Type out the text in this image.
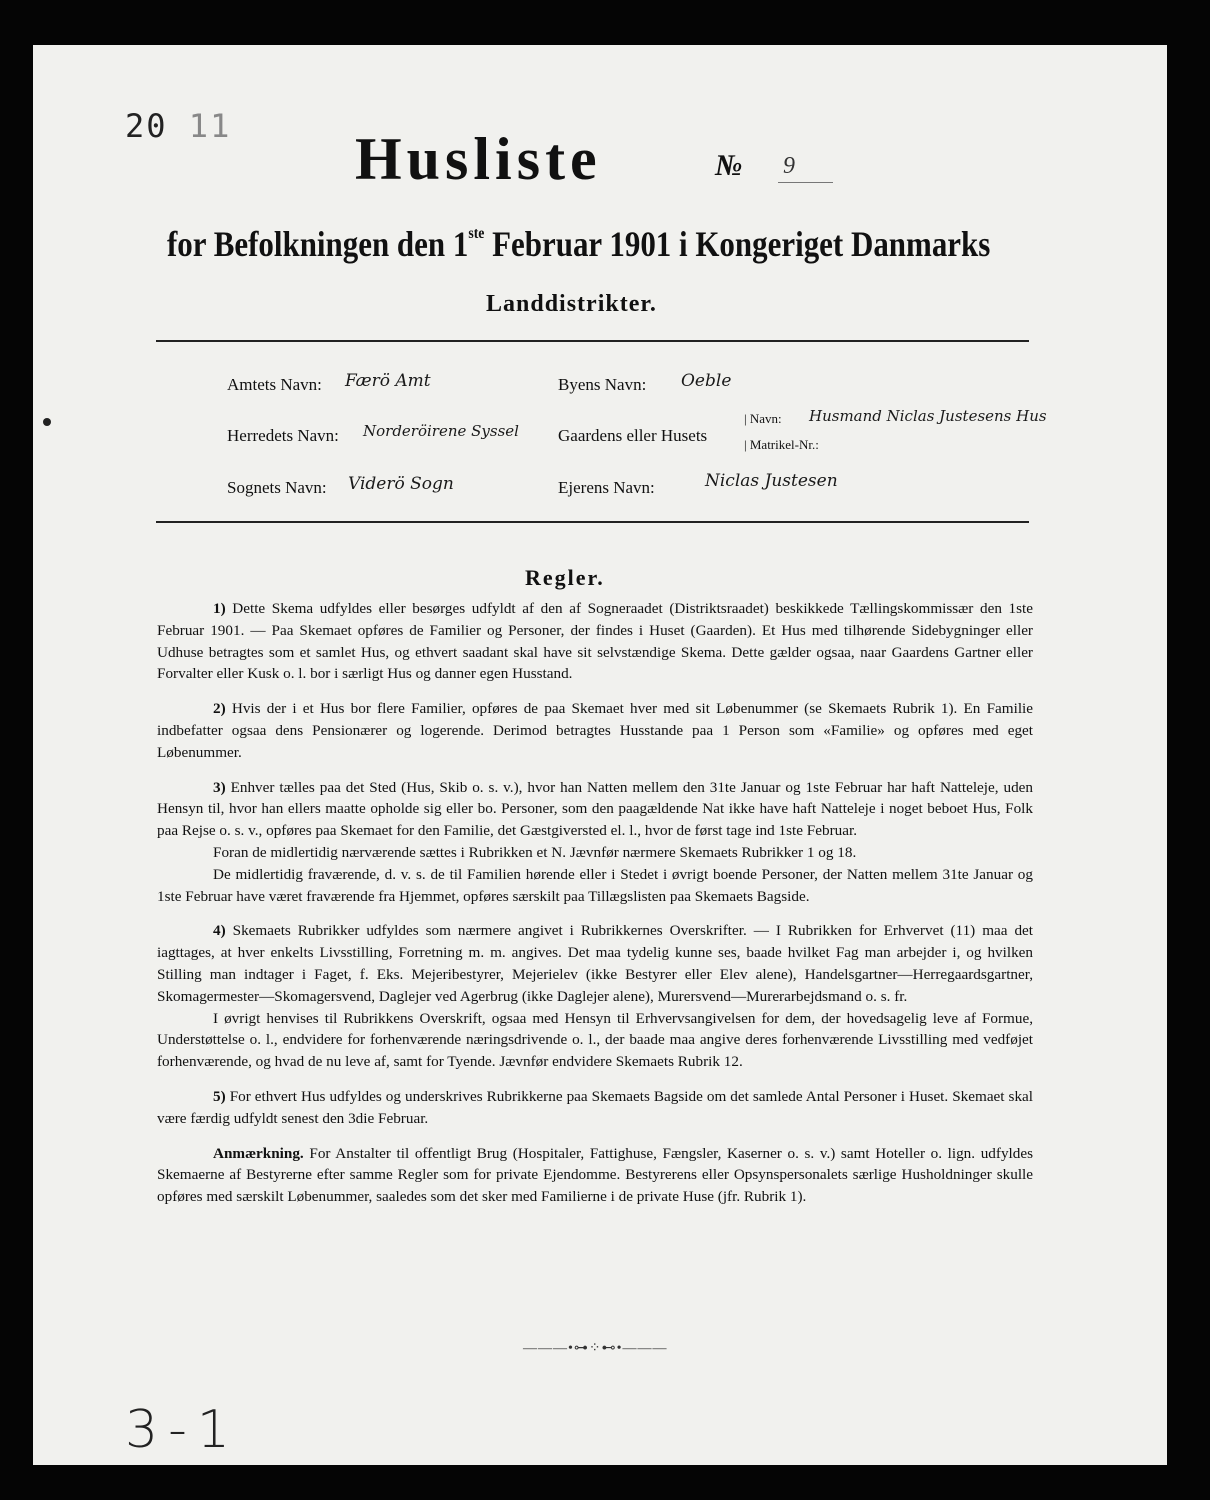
20 11 Husliste	№ 9
for Befolkningen den 1ste Februar 1901 i Kongeriget Danmarks
Landdistrikter.
Amtets Navn: Færö Amt	Byens Navn: Oeble
Herredets Navn: Norderöirene Syssel Gaardens eller Husets
| Navn: Husmand Niclas Justesens Hus
| Matrikel-Nr.:
Sognets Navn: Viderö Sogn	Ejerens Navn:	Niclas Justesen
Regler.

1) Dette Skema udfyldes eller besørges udfyldt af den af Sogneraadet (Distriktsraadet) beskikkede Tællingskommissær den 1ste Februar 1901. — Paa Skemaet opføres de Familier og Personer, der findes i Huset (Gaarden). Et Hus med tilhørende Sidebygninger eller Udhuse betragtes som et samlet Hus, og ethvert saadant skal have sit selvstændige Skema. Dette gælder ogsaa, naar Gaardens Gartner eller Forvalter eller Kusk o. l. bor i særligt Hus og danner egen Husstand.

2) Hvis der i et Hus bor flere Familier, opføres de paa Skemaet hver med sit Løbenummer (se Skemaets Rubrik 1). En Familie indbefatter ogsaa dens Pensionærer og logerende. Derimod betragtes Husstande paa 1 Person som «Familie» og opføres med eget Løbenummer.

3) Enhver tælles paa det Sted (Hus, Skib o. s. v.), hvor han Natten mellem den 31te Januar og 1ste Februar har haft Natteleje, uden Hensyn til, hvor han ellers maatte opholde sig eller bo. Personer, som den paagældende Nat ikke have haft Natteleje i noget beboet Hus, Folk paa Rejse o. s. v., opføres paa Skemaet for den Familie, det Gæstgiversted el. l., hvor de først tage ind 1ste Februar.

Foran de midlertidig nærværende sættes i Rubrikken et N. Jævnfør nærmere Skemaets Rubrikker 1 og 18.

De midlertidig fraværende, d. v. s. de til Familien hørende eller i Stedet i øvrigt boende Personer, der Natten mellem 31te Januar og 1ste Februar have været fraværende fra Hjemmet, opføres særskilt paa Tillægslisten paa Skemaets Bagside.

4) Skemaets Rubrikker udfyldes som nærmere angivet i Rubrikkernes Overskrifter. — I Rubrikken for Erhvervet (11) maa det iagttages, at hver enkelts Livsstilling, Forretning m. m. angives. Det maa tydelig kunne ses, baade hvilket Fag man arbejder i, og hvilken Stilling man indtager i Faget, f. Eks. Mejeribestyrer, Mejerielev (ikke Bestyrer eller Elev alene), Handelsgartner—Herregaardsgartner, Skomagermester—Skomagersvend, Daglejer ved Agerbrug (ikke Daglejer alene), Murersvend—Murerarbejdsmand o. s. fr.

I øvrigt henvises til Rubrikkens Overskrift, ogsaa med Hensyn til Erhvervsangivelsen for dem, der hovedsagelig leve af Formue, Understøttelse o. l., endvidere for forhenværende næringsdrivende o. l., der baade maa angive deres forhenværende Livsstilling med vedføjet forhenværende, og hvad de nu leve af, samt for Tyende. Jævnfør endvidere Skemaets Rubrik 12.

5) For ethvert Hus udfyldes og underskrives Rubrikkerne paa Skemaets Bagside om det samlede Antal Personer i Huset. Skemaet skal være færdig udfyldt senest den 3die Februar.

Anmærkning. For Anstalter til offentligt Brug (Hospitaler, Fattighuse, Fængsler, Kaserner o. s. v.) samt Hoteller o. lign. udfyldes Skemaerne af Bestyrerne efter samme Regler som for private Ejendomme. Bestyrerens eller Opsynspersonalets særlige Husholdninger skulle opføres med særskilt Løbenummer, saaledes som det sker med Familierne i de private Huse (jfr. Rubrik 1).

———•⊶⁘⊷•———
3-1
